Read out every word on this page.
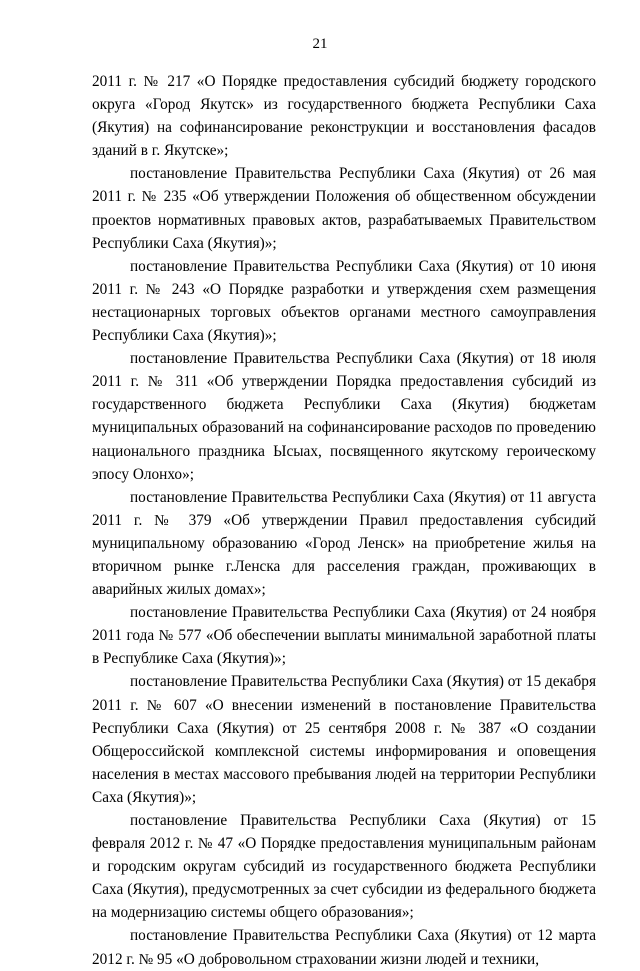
21

2011 г. № 217 «О Порядке предоставления субсидий бюджету городского округа «Город Якутск» из государственного бюджета Республики Саха (Якутия) на софинансирование реконструкции и восстановления фасадов зданий в г. Якутске»;

постановление Правительства Республики Саха (Якутия) от 26 мая 2011 г. № 235 «Об утверждении Положения об общественном обсуждении проектов нормативных правовых актов, разрабатываемых Правительством Республики Саха (Якутия)»;

постановление Правительства Республики Саха (Якутия) от 10 июня 2011 г. № 243 «О Порядке разработки и утверждения схем размещения нестационарных торговых объектов органами местного самоуправления Республики Саха (Якутия)»;

постановление Правительства Республики Саха (Якутия) от 18 июля 2011 г. № 311 «Об утверждении Порядка предоставления субсидий из государственного бюджета Республики Саха (Якутия) бюджетам муниципальных образований на софинансирование расходов по проведению национального праздника Ысыах, посвященного якутскому героическому эпосу Олонхо»;

постановление Правительства Республики Саха (Якутия) от 11 августа 2011 г. № 379 «Об утверждении Правил предоставления субсидий муниципальному образованию «Город Ленск» на приобретение жилья на вторичном рынке г.Ленска для расселения граждан, проживающих в аварийных жилых домах»;

постановление Правительства Республики Саха (Якутия) от 24 ноября 2011 года № 577 «Об обеспечении выплаты минимальной заработной платы в Республике Саха (Якутия)»;

постановление Правительства Республики Саха (Якутия) от 15 декабря 2011 г. № 607 «О внесении изменений в постановление Правительства Республики Саха (Якутия) от 25 сентября 2008 г. № 387 «О создании Общероссийской комплексной системы информирования и оповещения населения в местах массового пребывания людей на территории Республики Саха (Якутия)»;

постановление Правительства Республики Саха (Якутия) от 15 февраля 2012 г. № 47 «О Порядке предоставления муниципальным районам и городским округам субсидий из государственного бюджета Республики Саха (Якутия), предусмотренных за счет субсидии из федерального бюджета на модернизацию системы общего образования»;

постановление Правительства Республики Саха (Якутия) от 12 марта 2012 г. № 95 «О добровольном страховании жизни людей и техники,
